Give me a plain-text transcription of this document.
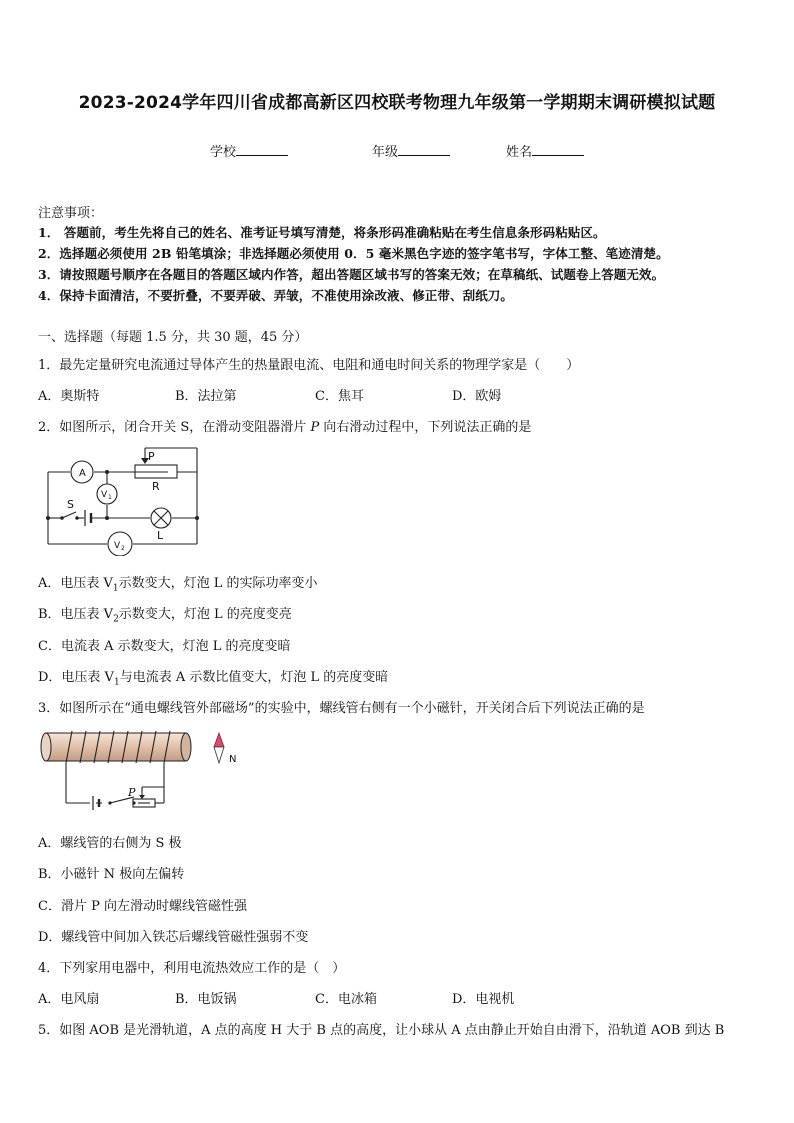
2023-2024学年四川省成都高新区四校联考物理九年级第一学期期末调研模拟试题
学校	年级	姓名
注意事项：
1． 答题前，考生先将自己的姓名、准考证号填写清楚，将条形码准确粘贴在考生信息条形码粘贴区。
2．选择题必须使用 2B 铅笔填涂；非选择题必须使用 0．5 毫米黑色字迹的签字笔书写，字体工整、笔迹清楚。
3．请按照题号顺序在各题目的答题区域内作答，超出答题区域书写的答案无效；在草稿纸、试题卷上答题无效。
4．保持卡面清洁，不要折叠，不要弄破、弄皱，不准使用涂改液、修正带、刮纸刀。
一、选择题（每题 1.5 分，共 30 题，45 分）
1．最先定量研究电流通过导体产生的热量跟电流、电阻和通电时间关系的物理学家是（　　）
A．奥斯特	B．法拉第	C．焦耳	D．欧姆
2．如图所示，闭合开关 S，在滑动变阻器滑片 P 向右滑动过程中，下列说法正确的是
A
P
R
V 1
S
L
V 2
A．电压表 $V_1$示数变大，灯泡 L 的实际功率变小
B．电压表 $V_2$示数变大，灯泡 L 的亮度变亮
C．电流表 A 示数变大，灯泡 L 的亮度变暗
D．电压表 $V_1$与电流表 A 示数比值变大，灯泡 L 的亮度变暗
3．如图所示在“通电螺线管外部磁场”的实验中，螺线管右侧有一个小磁针，开关闭合后下列说法正确的是
P
N
A．螺线管的右侧为 S 极
B．小磁针 N 极向左偏转
C．滑片 P 向左滑动时螺线管磁性强
D．螺线管中间加入铁芯后螺线管磁性强弱不变
4．下列家用电器中，利用电流热效应工作的是（　）
A．电风扇	B．电饭锅	C．电冰箱	D．电视机
5．如图 AOB 是光滑轨道，A 点的高度 H 大于 B 点的高度，让小球从 A 点由静止开始自由滑下，沿轨道 AOB 到达 B
